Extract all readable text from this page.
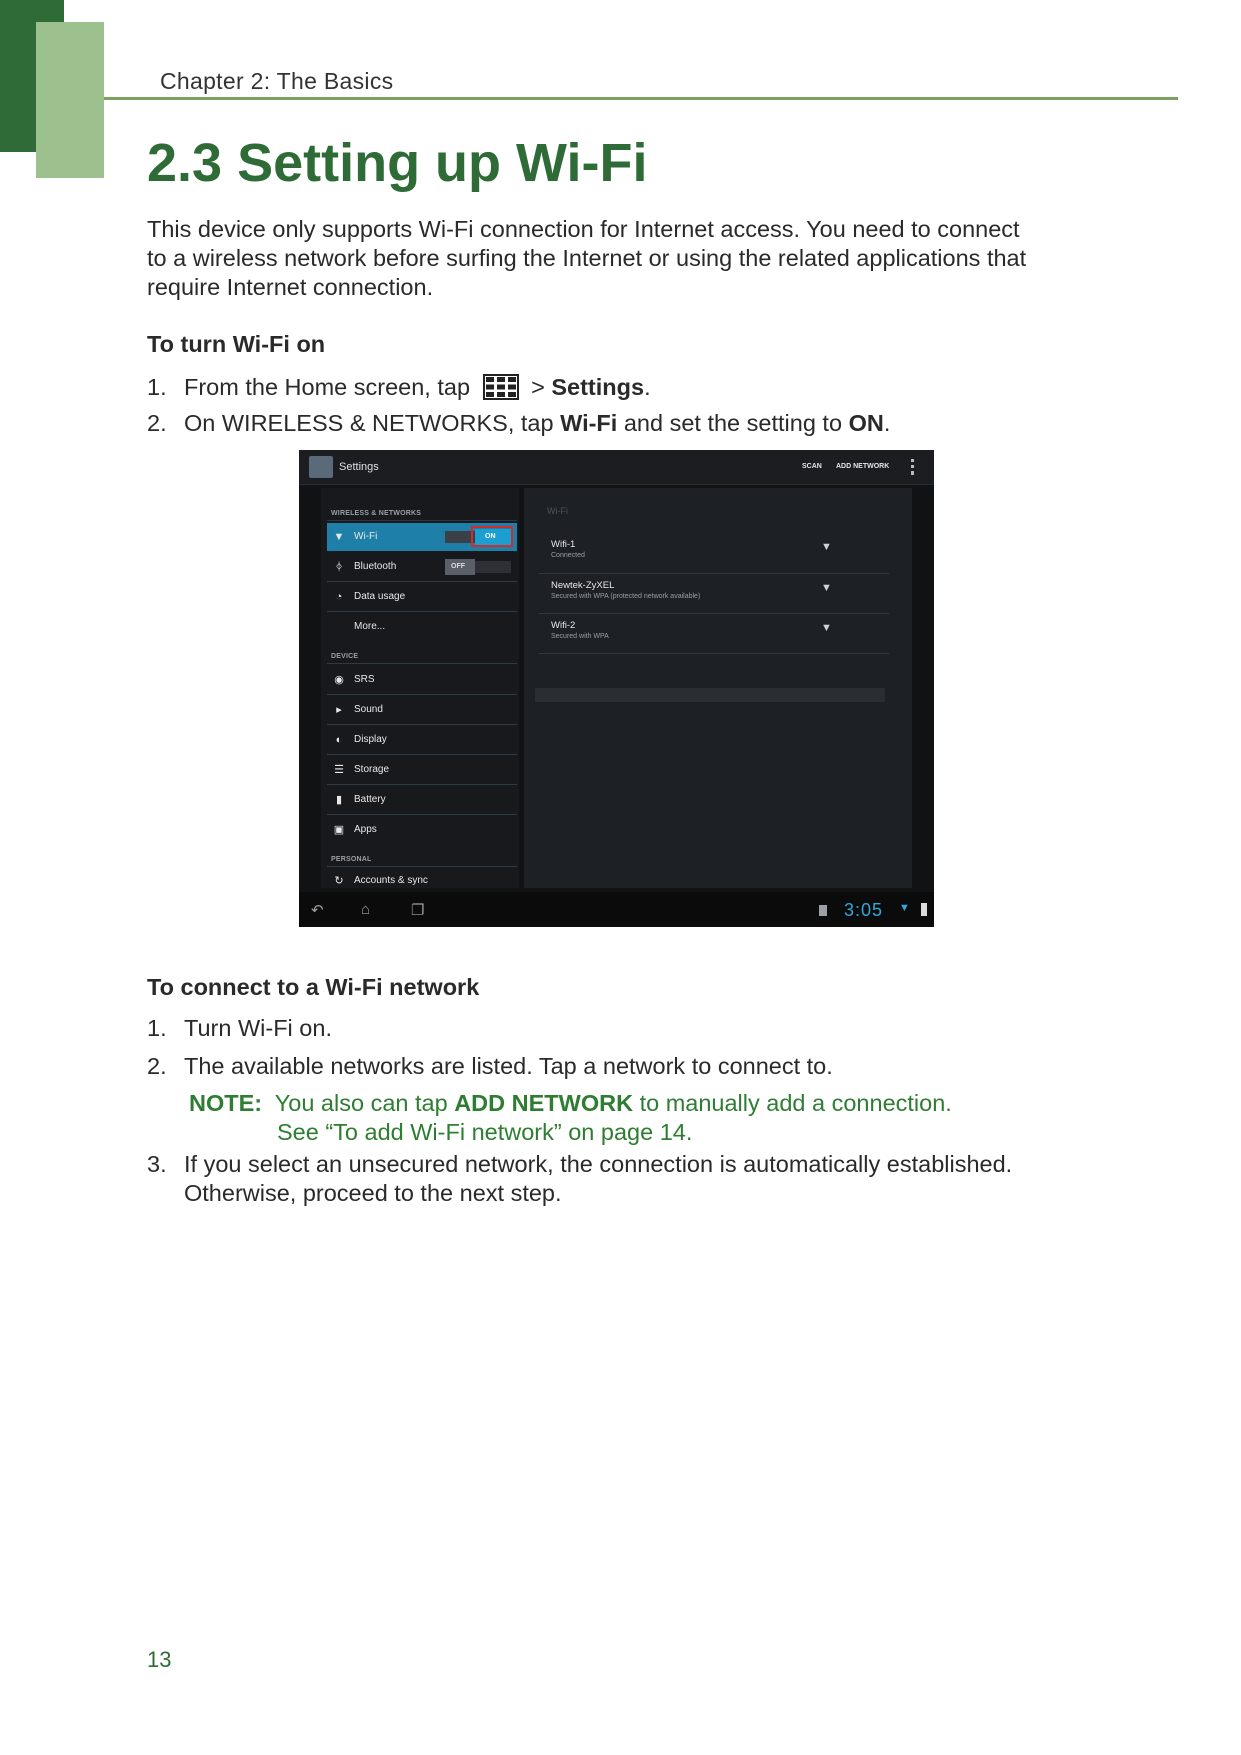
Chapter 2: The Basics
2.3 Setting up Wi-Fi
This device only supports Wi-Fi connection for Internet access. You need to connect
to a wireless network before surfing the Internet or using the related applications that
require Internet connection.
To turn Wi-Fi on
1. From the Home screen, tap	> Settings.
2. On WIRELESS & NETWORKS, tap Wi-Fi and set the setting to ON.
Settings	SCAN ADD NETWORK
WIRELESS & NETWORKS
▼ Wi-Fi	ON
ᛄ Bluetooth	OFF
◔ Data usage
More...
DEVICE
◉ SRS
▸	Sound
◐ Display
☰ Storage
▮ Battery
▣ Apps
PERSONAL
↻ Accounts & sync
Wi-Fi
Wifi-1
Connected
▼
Newtek-ZyXEL
Secured with WPA (protected network available)
▼
Wifi-2
Secured with WPA
▼
↶ ⌂	❐	3:05 ▼
To connect to a Wi-Fi network
1. Turn Wi-Fi on.
2. The available networks are listed. Tap a network to connect to.
NOTE: You also can tap ADD NETWORK to manually add a connection.
See “To add Wi-Fi network” on page 14.
3. If you select an unsecured network, the connection is automatically established.
Otherwise, proceed to the next step.
13
